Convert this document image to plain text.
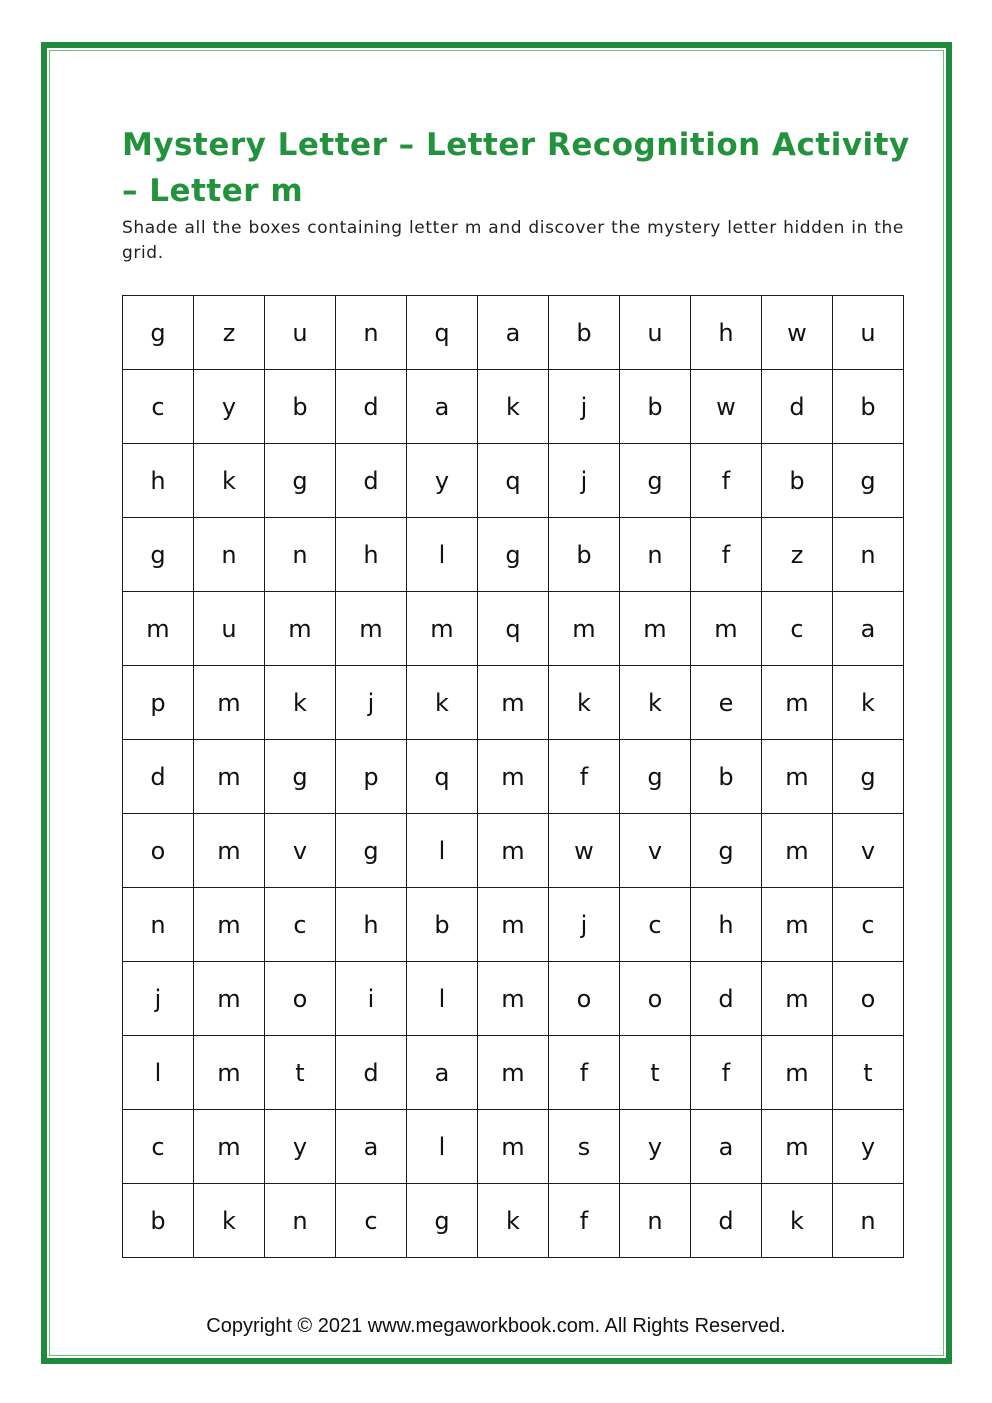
Mystery Letter – Letter Recognition Activity – Letter m

Shade all the boxes containing letter m and discover the mystery letter hidden in the grid.

g	z	u	n	q	a	b	u	h	w	u
c	y	b	d	a	k	j	b	w	d	b
h	k	g	d	y	q	j	g	f	b	g
g	n	n	h	l	g	b	n	f	z	n
m	u	m	m	m	q	m	m	m	c	a
p	m	k	j	k	m	k	k	e	m	k
d	m	g	p	q	m	f	g	b	m	g
o	m	v	g	l	m	w	v	g	m	v
n	m	c	h	b	m	j	c	h	m	c
j	m	o	i	l	m	o	o	d	m	o
l	m	t	d	a	m	f	t	f	m	t
c	m	y	a	l	m	s	y	a	m	y
b	k	n	c	g	k	f	n	d	k	n
Copyright © 2021 www.megaworkbook.com. All Rights Reserved.
